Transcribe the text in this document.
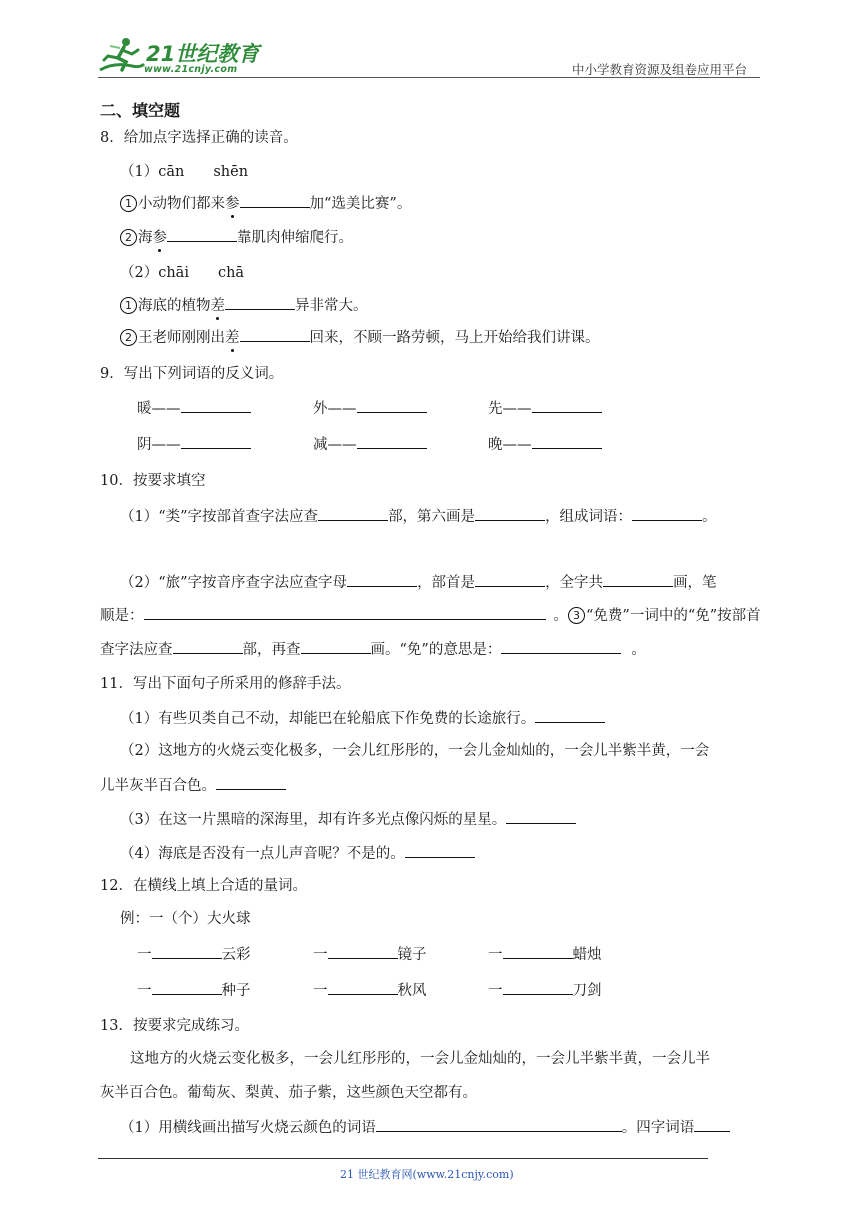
21世纪教育
www.21cnjy.com	中小学教育资源及组卷应用平台
二、填空题
8．给加点字选择正确的读音。
（1）cān　　shēn
1 小动物们都来参	加“选美比赛”。
2 海参	靠肌肉伸缩爬行。
（2）chāi　　chā
1 海底的植物差	异非常大。
2 王老师刚刚出差	回来，不顾一路劳顿，马上开始给我们讲课。
9．写出下列词语的反义词。
暖——	外——	先——
阴——	减——	晚——
10．按要求填空
（1）“类”字按部首查字法应查	部，第六画是	，组成词语：	。
（2）“旅”字按音序查字法应查字母	，部首是	，全字共	画，笔
顺是：	。 3 “免费”一词中的“免”按部首
查字法应查	部，再查	画。“免”的意思是：	。
11．写出下面句子所采用的修辞手法。
（1）有些贝类自己不动，却能巴在轮船底下作免费的长途旅行。
（2）这地方的火烧云变化极多，一会儿红彤彤的，一会儿金灿灿的，一会儿半紫半黄，一会
儿半灰半百合色。
（3）在这一片黑暗的深海里，却有许多光点像闪烁的星星。
（4）海底是否没有一点儿声音呢？不是的。
12．在横线上填上合适的量词。
例：一（个）大火球
一	云彩	一	镜子	一	蜡烛
一	种子	一	秋风	一	刀剑
13．按要求完成练习。
这地方的火烧云变化极多，一会儿红彤彤的，一会儿金灿灿的，一会儿半紫半黄，一会儿半
灰半百合色。葡萄灰、梨黄、茄子紫，这些颜色天空都有。
（1）用横线画出描写火烧云颜色的词语	。四字词语
21 世纪教育网(www.21cnjy.com)
